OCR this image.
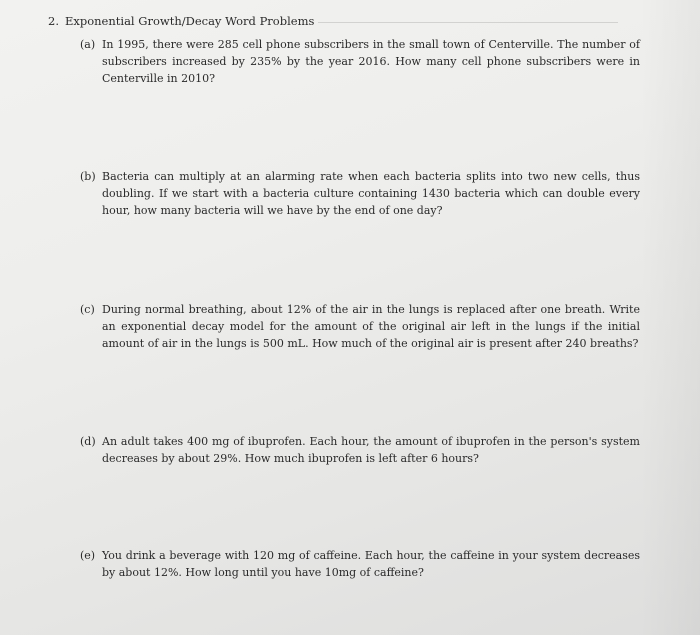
2. Exponential Growth/Decay Word Problems
(a) In 1995, there were 285 cell phone subscribers in the small town of Centerville. The number of subscribers increased by 235% by the year 2016. How many cell phone subscribers were in Centerville in 2010?
(b) Bacteria can multiply at an alarming rate when each bacteria splits into two new cells, thus doubling. If we start with a bacteria culture containing 1430 bacteria which can double every hour, how many bacteria will we have by the end of one day?
(c) During normal breathing, about 12% of the air in the lungs is replaced after one breath. Write an exponential decay model for the amount of the original air left in the lungs if the initial amount of air in the lungs is 500 mL. How much of the original air is present after 240 breaths?
(d) An adult takes 400 mg of ibuprofen. Each hour, the amount of ibuprofen in the person's system decreases by about 29%. How much ibuprofen is left after 6 hours?
(e) You drink a beverage with 120 mg of caffeine. Each hour, the caffeine in your system decreases by about 12%. How long until you have 10mg of caffeine?
